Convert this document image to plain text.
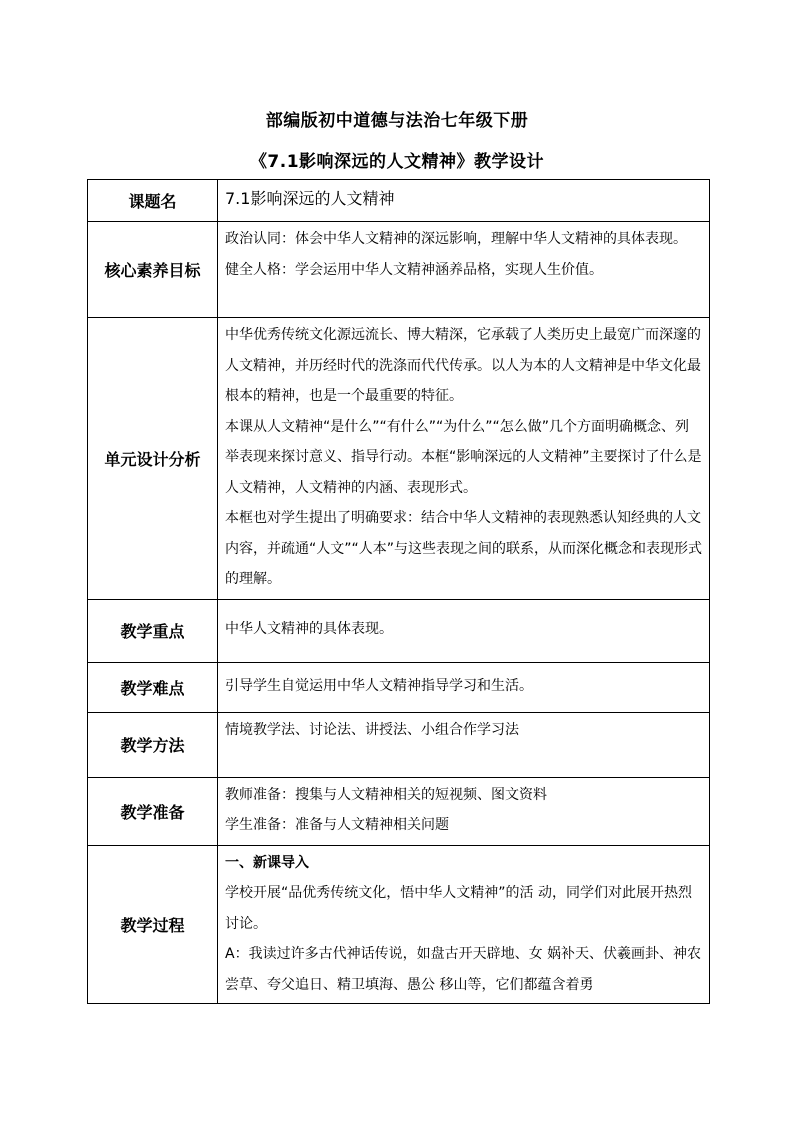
部编版初中道德与法治七年级下册
《7.1影响深远的人文精神》教学设计
课题名	7.1影响深远的人文精神
核心素养目标	政治认同：体会中华人文精神的深远影响，理解中华人文精神的具体表现。

健全人格：学会运用中华人文精神涵养品格，实现人生价值。

单元设计分析	中华优秀传统文化源远流长、博大精深，它承载了人类历史上最宽广而深邃的人文精神，并历经时代的洗涤而代代传承。以人为本的人文精神是中华文化最根本的精神，也是一个最重要的特征。

本课从人文精神“是什么”“有什么”“为什么”“怎么做”几个方面明确概念、列举表现来探讨意义、指导行动。本框“影响深远的人文精神”主要探讨了什么是人文精神，人文精神的内涵、表现形式。

本框也对学生提出了明确要求：结合中华人文精神的表现熟悉认知经典的人文内容，并疏通“人文”“人本”与这些表现之间的联系，从而深化概念和表现形式的理解。

教学重点	中华人文精神的具体表现。
教学难点	引导学生自觉运用中华人文精神指导学习和生活。
教学方法	情境教学法、讨论法、讲授法、小组合作学习法
教学准备	教师准备：搜集与人文精神相关的短视频、图文资料

学生准备：准备与人文精神相关问题

教学过程	一、新课导入

学校开展“品优秀传统文化，悟中华人文精神”的活 动，同学们对此展开热烈讨论。

A：我读过许多古代神话传说，如盘古开天辟地、女 娲补天、伏羲画卦、神农尝草、夸父追日、精卫填海、愚公 移山等，它们都蕴含着勇
